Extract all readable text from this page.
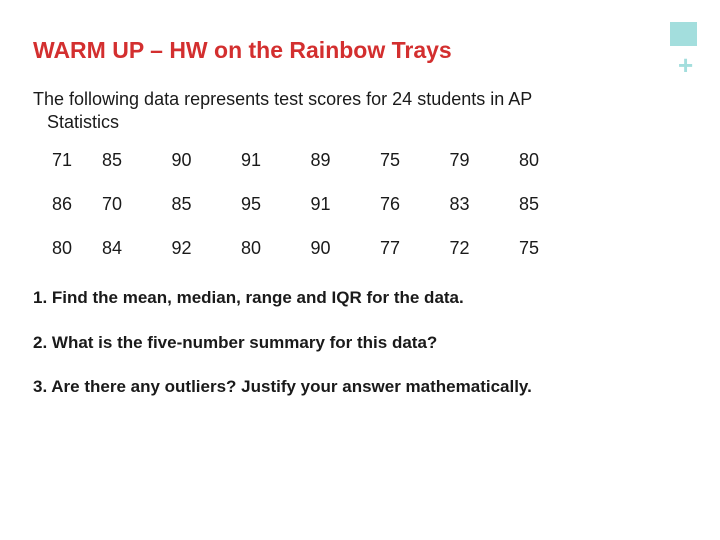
+
WARM UP – HW on the Rainbow Trays

The following data represents test scores for 24 students in AP
Statistics

71	85	90	91	89	75	79	80
86	70	85	95	91	76	83	85
80	84	92	80	90	77	72	75

1. Find the mean, median, range and IQR for the data.

2. What is the five-number summary for this data?

3. Are there any outliers? Justify your answer mathematically.
